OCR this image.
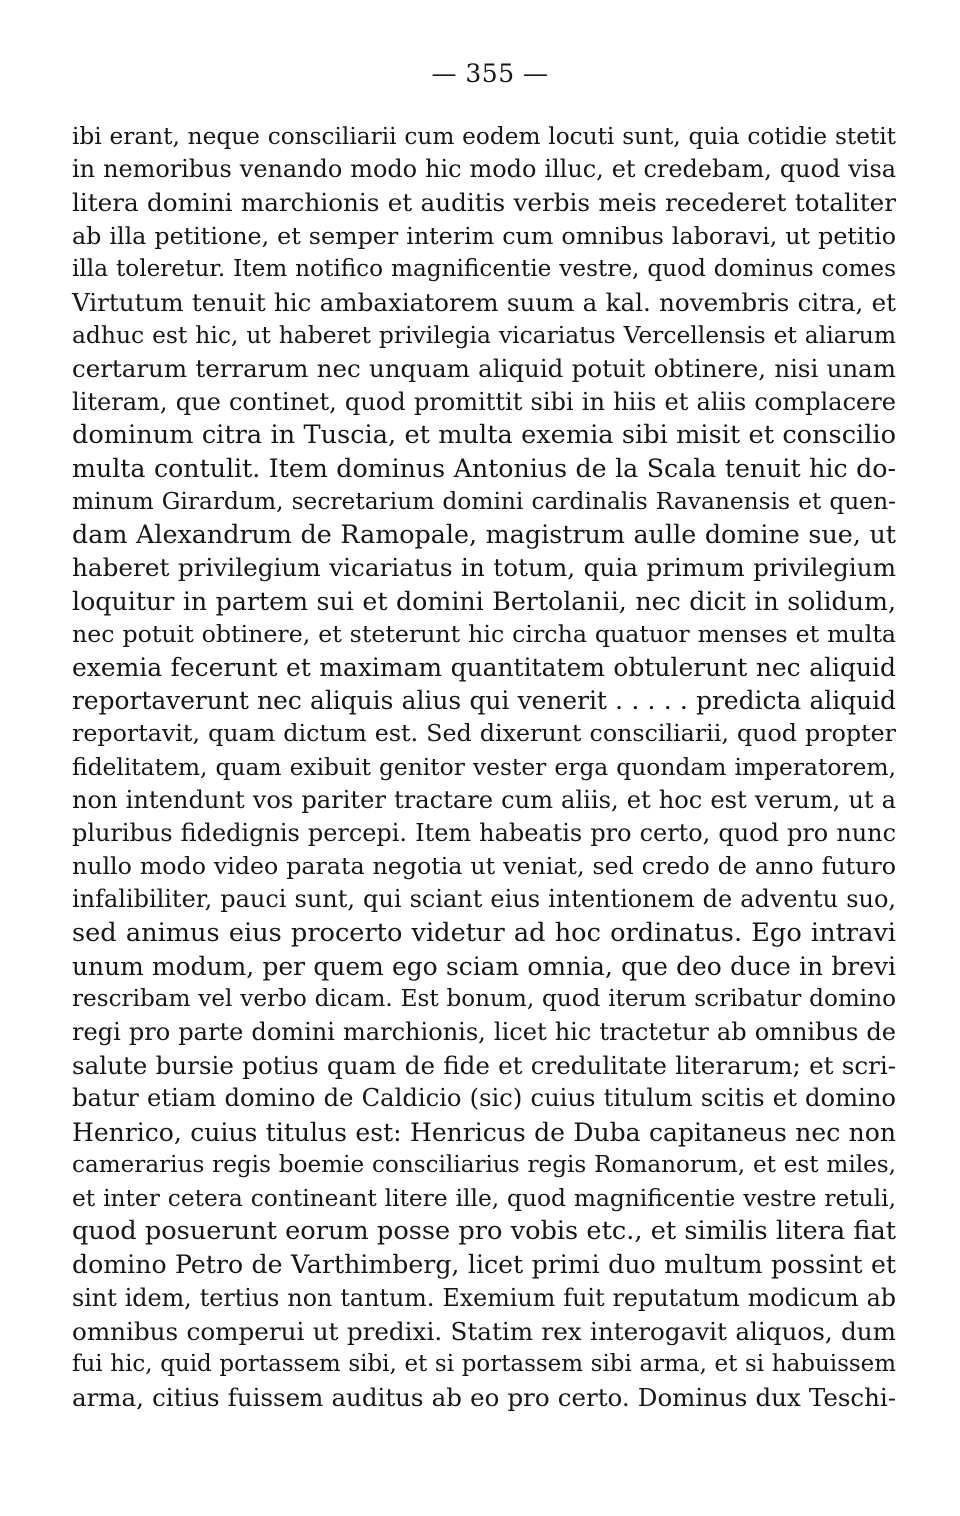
— 355 —
ibi erant, neque consciliarii cum eodem locuti sunt, quia cotidie stetit
in nemoribus venando modo hic modo illuc, et credebam, quod visa
litera domini marchionis et auditis verbis meis recederet totaliter
ab illa petitione, et semper interim cum omnibus laboravi, ut petitio
illa toleretur. Item notifico magnificentie vestre, quod dominus comes
Virtutum tenuit hic ambaxiatorem suum a kal. novembris citra, et
adhuc est hic, ut haberet privilegia vicariatus Vercellensis et aliarum
certarum terrarum nec unquam aliquid potuit obtinere, nisi unam
literam, que continet, quod promittit sibi in hiis et aliis complacere
dominum citra in Tuscia, et multa exemia sibi misit et conscilio
multa contulit. Item dominus Antonius de la Scala tenuit hic do-
minum Girardum, secretarium domini cardinalis Ravanensis et quen-
dam Alexandrum de Ramopale, magistrum aulle domine sue, ut
haberet privilegium vicariatus in totum, quia primum privilegium
loquitur in partem sui et domini Bertolanii, nec dicit in solidum,
nec potuit obtinere, et steterunt hic circha quatuor menses et multa
exemia fecerunt et maximam quantitatem obtulerunt nec aliquid
reportaverunt nec aliquis alius qui venerit . . . . . predicta aliquid
reportavit, quam dictum est. Sed dixerunt consciliarii, quod propter
fidelitatem, quam exibuit genitor vester erga quondam imperatorem,
non intendunt vos pariter tractare cum aliis, et hoc est verum, ut a
pluribus fidedignis percepi. Item habeatis pro certo, quod pro nunc
nullo modo video parata negotia ut veniat, sed credo de anno futuro
infalibiliter, pauci sunt, qui sciant eius intentionem de adventu suo,
sed animus eius procerto videtur ad hoc ordinatus. Ego intravi
unum modum, per quem ego sciam omnia, que deo duce in brevi
rescribam vel verbo dicam. Est bonum, quod iterum scribatur domino
regi pro parte domini marchionis, licet hic tractetur ab omnibus de
salute bursie potius quam de fide et credulitate literarum; et scri-
batur etiam domino de Caldicio (sic) cuius titulum scitis et domino
Henrico, cuius titulus est: Henricus de Duba capitaneus nec non
camerarius regis boemie consciliarius regis Romanorum, et est miles,
et inter cetera contineant litere ille, quod magnificentie vestre retuli,
quod posuerunt eorum posse pro vobis etc., et similis litera fiat
domino Petro de Varthimberg, licet primi duo multum possint et
sint idem, tertius non tantum. Exemium fuit reputatum modicum ab
omnibus comperui ut predixi. Statim rex interogavit aliquos, dum
fui hic, quid portassem sibi, et si portassem sibi arma, et si habuissem
arma, citius fuissem auditus ab eo pro certo. Dominus dux Teschi-
